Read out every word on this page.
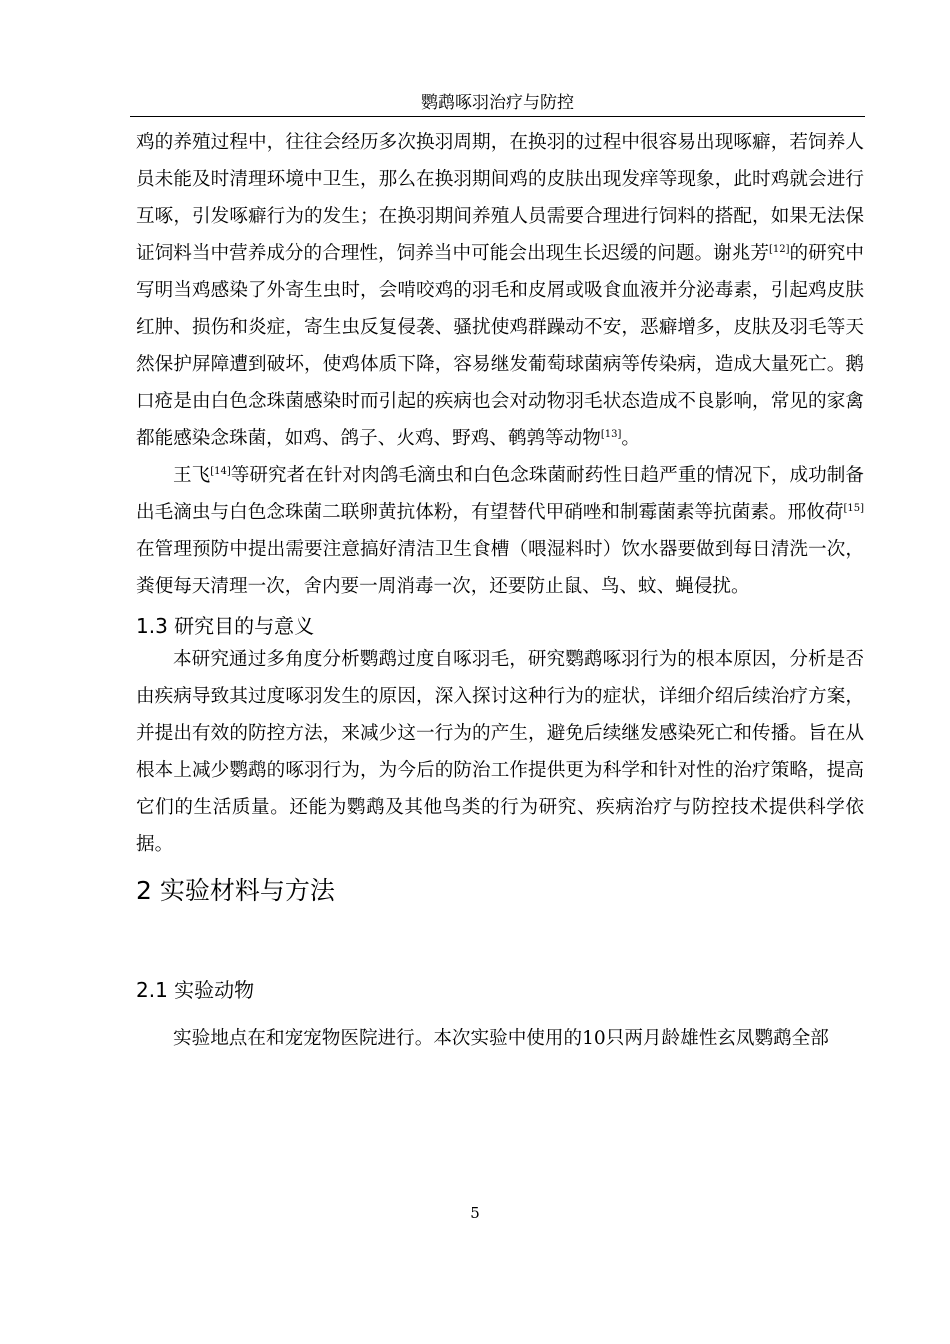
鹦鹉啄羽治疗与防控

鸡的养殖过程中，往往会经历多次换羽周期，在换羽的过程中很容易出现啄癖，若饲养人员未能及时清理环境中卫生，那么在换羽期间鸡的皮肤出现发痒等现象，此时鸡就会进行互啄，引发啄癖行为的发生；在换羽期间养殖人员需要合理进行饲料的搭配，如果无法保证饲料当中营养成分的合理性，饲养当中可能会出现生长迟缓的问题。谢兆芳[12]的研究中写明当鸡感染了外寄生虫时，会啃咬鸡的羽毛和皮屑或吸食血液并分泌毒素，引起鸡皮肤红肿、损伤和炎症，寄生虫反复侵袭、骚扰使鸡群躁动不安，恶癖增多，皮肤及羽毛等天然保护屏障遭到破坏，使鸡体质下降，容易继发葡萄球菌病等传染病，造成大量死亡。鹅口疮是由白色念珠菌感染时而引起的疾病也会对动物羽毛状态造成不良影响，常见的家禽都能感染念珠菌，如鸡、鸽子、火鸡、野鸡、鹌鹑等动物[13]。

王飞[14]等研究者在针对肉鸽毛滴虫和白色念珠菌耐药性日趋严重的情况下，成功制备出毛滴虫与白色念珠菌二联卵黄抗体粉，有望替代甲硝唑和制霉菌素等抗菌素。邢攸荷[15]在管理预防中提出需要注意搞好清洁卫生食槽（喂湿料时）饮水器要做到每日清洗一次，粪便每天清理一次，舍内要一周消毒一次，还要防止鼠、鸟、蚊、蝇侵扰。

1.3 研究目的与意义

本研究通过多角度分析鹦鹉过度自啄羽毛，研究鹦鹉啄羽行为的根本原因，分析是否由疾病导致其过度啄羽发生的原因，深入探讨这种行为的症状，详细介绍后续治疗方案，并提出有效的防控方法，来减少这一行为的产生，避免后续继发感染死亡和传播。旨在从根本上减少鹦鹉的啄羽行为，为今后的防治工作提供更为科学和针对性的治疗策略，提高它们的生活质量。还能为鹦鹉及其他鸟类的行为研究、疾病治疗与防控技术提供科学依据。

2 实验材料与方法
2.1 实验动物

实验地点在和宠宠物医院进行。本次实验中使用的10只两月龄雄性玄凤鹦鹉全部

5
